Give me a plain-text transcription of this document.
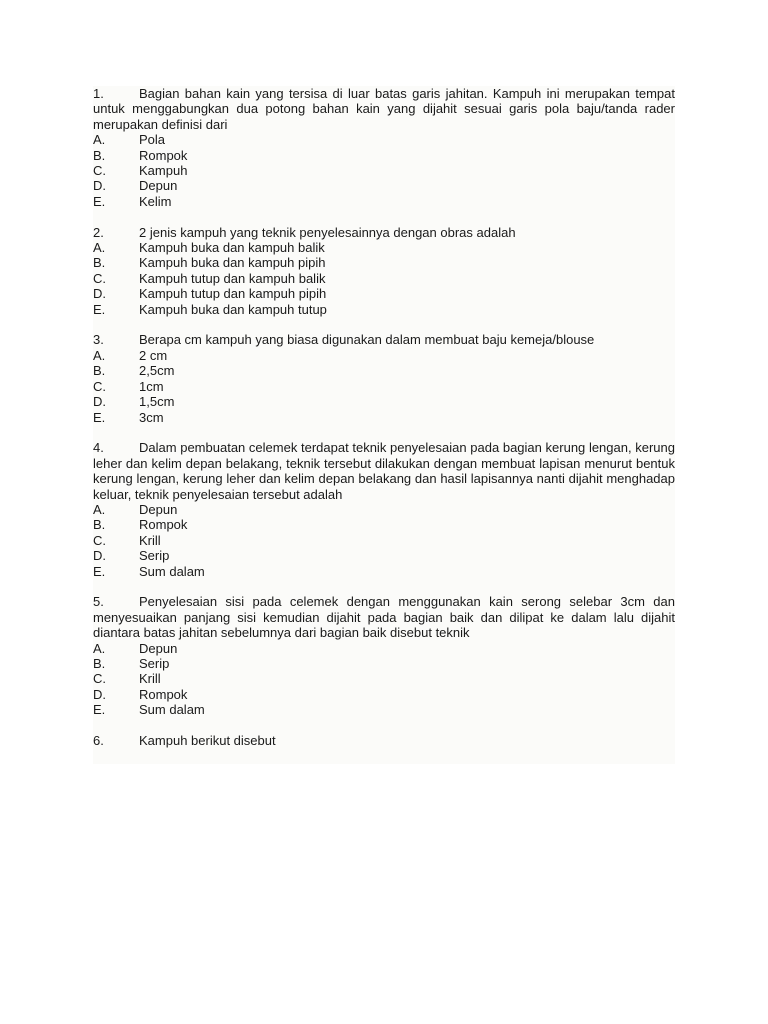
1.	Bagian bahan kain yang tersisa di luar batas garis jahitan. Kampuh ini merupakan tempat untuk menggabungkan dua potong bahan kain yang dijahit sesuai garis pola baju/tanda rader merupakan definisi dari
A.	Pola
B.	Rompok
C.	Kampuh
D.	Depun
E.	Kelim
2.	2 jenis kampuh yang teknik penyelesainnya dengan obras adalah
A.	Kampuh buka dan kampuh balik
B.	Kampuh buka dan kampuh pipih
C.	Kampuh tutup dan kampuh balik
D.	Kampuh tutup dan kampuh pipih
E.	Kampuh buka dan kampuh tutup
3.	Berapa cm kampuh yang biasa digunakan dalam membuat baju kemeja/blouse
A.	2 cm
B.	2,5cm
C.	1cm
D.	1,5cm
E.	3cm
4.	Dalam pembuatan celemek terdapat teknik penyelesaian pada bagian kerung lengan, kerung leher dan kelim depan belakang, teknik tersebut dilakukan dengan membuat lapisan menurut bentuk kerung lengan, kerung leher dan kelim depan belakang dan hasil lapisannya nanti dijahit menghadap keluar, teknik penyelesaian tersebut adalah
A.	Depun
B.	Rompok
C.	Krill
D.	Serip
E.	Sum dalam
5.	Penyelesaian sisi pada celemek dengan menggunakan kain serong selebar 3cm dan menyesuaikan panjang sisi kemudian dijahit pada bagian baik dan dilipat ke dalam lalu dijahit diantara batas jahitan sebelumnya dari bagian baik disebut teknik
A.	Depun
B.	Serip
C.	Krill
D.	Rompok
E.	Sum dalam
6.	Kampuh berikut disebut
